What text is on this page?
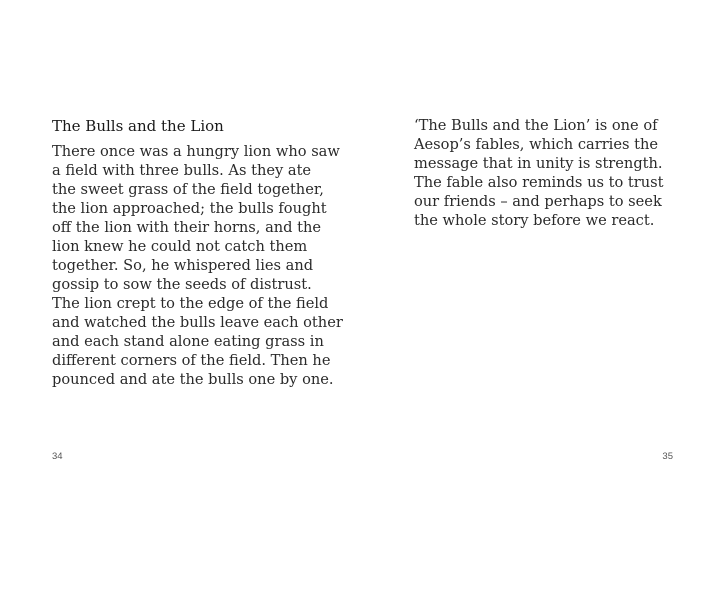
The Bulls and the Lion
There once was a hungry lion who saw
a field with three bulls. As they ate
the sweet grass of the field together,
the lion approached; the bulls fought
off the lion with their horns, and the
lion knew he could not catch them
together. So, he whispered lies and
gossip to sow the seeds of distrust.
The lion crept to the edge of the field
and watched the bulls leave each other
and each stand alone eating grass in
different corners of the field. Then he
pounced and ate the bulls one by one.
34
‘The Bulls and the Lion’ is one of
Aesop’s fables, which carries the
message that in unity is strength.
The fable also reminds us to trust
our friends – and perhaps to seek
the whole story before we react.
35
